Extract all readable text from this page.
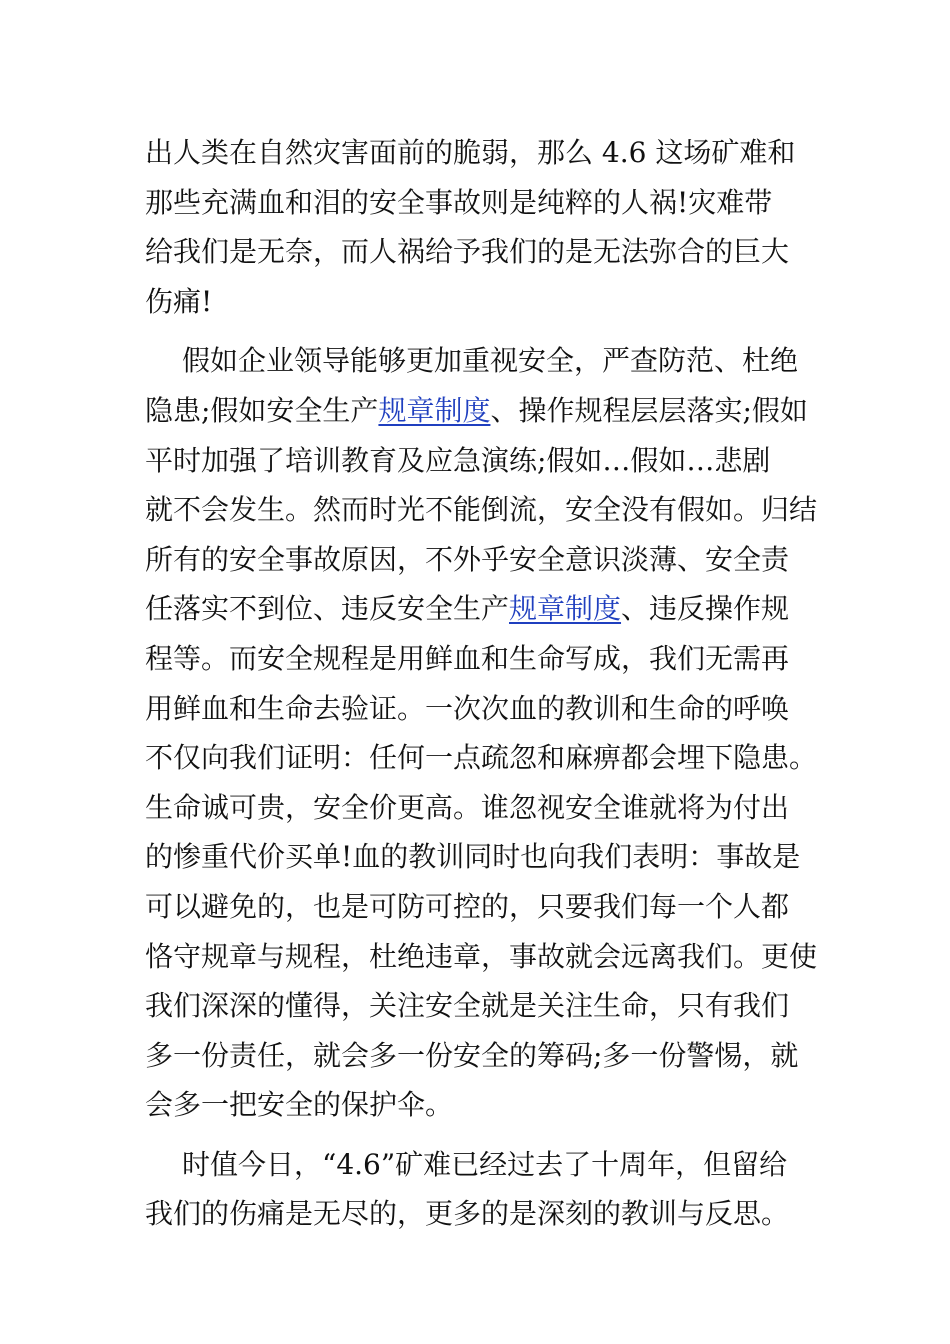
出人类在自然灾害面前的脆弱，那么 4.6 这场矿难和
那些充满血和泪的安全事故则是纯粹的人祸!灾难带
给我们是无奈，而人祸给予我们的是无法弥合的巨大
伤痛!
假如企业领导能够更加重视安全，严查防范、杜绝
隐患;假如安全生产规章制度、操作规程层层落实;假如
平时加强了培训教育及应急演练;假如…假如…悲剧
就不会发生。然而时光不能倒流，安全没有假如。归结
所有的安全事故原因，不外乎安全意识淡薄、安全责
任落实不到位、违反安全生产规章制度、违反操作规
程等。而安全规程是用鲜血和生命写成，我们无需再
用鲜血和生命去验证。一次次血的教训和生命的呼唤
不仅向我们证明：任何一点疏忽和麻痹都会埋下隐患。
生命诚可贵，安全价更高。谁忽视安全谁就将为付出
的惨重代价买单!血的教训同时也向我们表明：事故是
可以避免的，也是可防可控的，只要我们每一个人都
恪守规章与规程，杜绝违章，事故就会远离我们。更使
我们深深的懂得，关注安全就是关注生命，只有我们
多一份责任，就会多一份安全的筹码;多一份警惕，就
会多一把安全的保护伞。
时值今日，“4.6”矿难已经过去了十周年，但留给
我们的伤痛是无尽的，更多的是深刻的教训与反思。
